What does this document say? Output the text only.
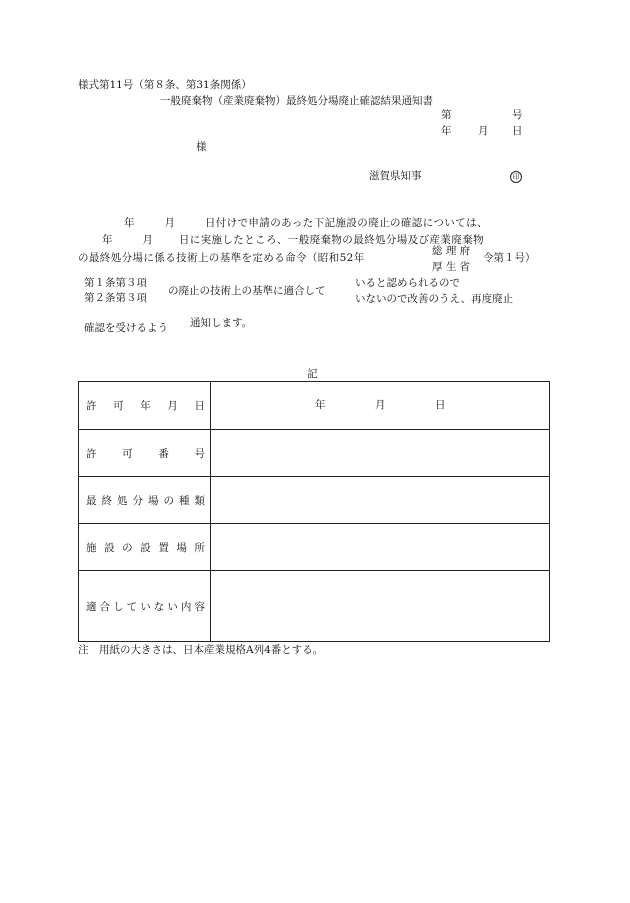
様式第11号（第８条、第31条関係）
一般廃棄物（産業廃棄物）最終処分場廃止確認結果通知書
第	号
年	月 日
様
滋賀県知事	印
年	月	日付けで申請のあった下記施設の廃止の確認については、
年	月 日に実施したところ、一般廃棄物の最終処分場及び産業廃棄物
の最終処分場に係る技術上の基準を定める命令（昭和52年
総 理 府
厚 生 省
令第１号）
第１条第３項
第２条第３項
の廃止の技術上の基準に適合して
いると認められるので
いないので改善のうえ、再度廃止
確認を受けるよう 通知します。
記
許可年月日	年	月	日
許可番号
最終処分場の種類
施設の設置場所
適合していない内容
注　用紙の大きさは、日本産業規格A列4番とする。
